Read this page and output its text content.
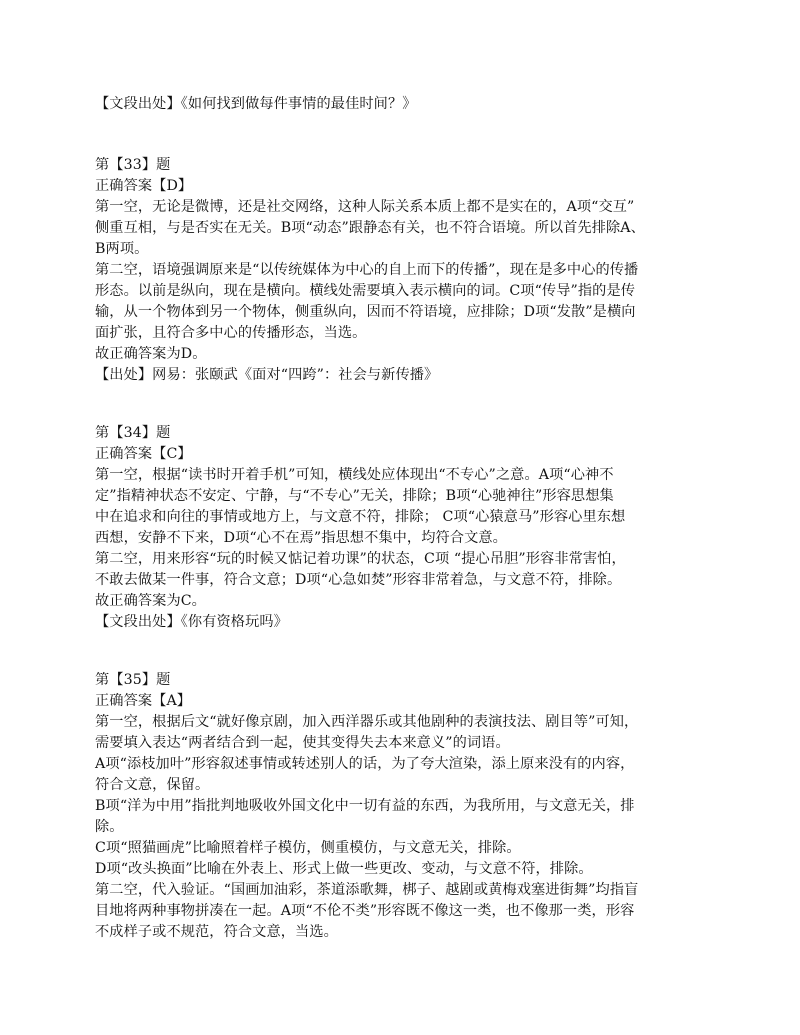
【文段出处】《如何找到做每件事情的最佳时间？》
第【33】题
正确答案【D】
第一空，无论是微博，还是社交网络，这种人际关系本质上都不是实在的，A项“交互”
侧重互相，与是否实在无关。B项“动态”跟静态有关，也不符合语境。所以首先排除A、
B两项。
第二空，语境强调原来是“以传统媒体为中心的自上而下的传播”，现在是多中心的传播
形态。以前是纵向，现在是横向。横线处需要填入表示横向的词。C项“传导”指的是传
输，从一个物体到另一个物体，侧重纵向，因而不符语境，应排除；D项“发散”是横向
面扩张，且符合多中心的传播形态，当选。
故正确答案为D。
【出处】网易：张颐武《面对“四跨”：社会与新传播》
第【34】题
正确答案【C】
第一空，根据“读书时开着手机”可知，横线处应体现出“不专心”之意。A项“心神不
定”指精神状态不安定、宁静，与“不专心”无关，排除；B项“心驰神往”形容思想集
中在追求和向往的事情或地方上，与文意不符，排除； C项“心猿意马”形容心里东想
西想，安静不下来，D项“心不在焉”指思想不集中，均符合文意。
第二空，用来形容“玩的时候又惦记着功课”的状态，C项 “提心吊胆”形容非常害怕，
不敢去做某一件事，符合文意；D项“心急如焚”形容非常着急，与文意不符，排除。
故正确答案为C。
【文段出处】《你有资格玩吗》
第【35】题
正确答案【A】
第一空，根据后文“就好像京剧，加入西洋器乐或其他剧种的表演技法、剧目等”可知，
需要填入表达“两者结合到一起，使其变得失去本来意义”的词语。
A项“添枝加叶”形容叙述事情或转述别人的话，为了夸大渲染，添上原来没有的内容，
符合文意，保留。
B项“洋为中用”指批判地吸收外国文化中一切有益的东西，为我所用，与文意无关，排
除。
C项“照猫画虎”比喻照着样子模仿，侧重模仿，与文意无关，排除。
D项“改头换面”比喻在外表上、形式上做一些更改、变动，与文意不符，排除。
第二空，代入验证。“国画加油彩，茶道添歌舞，梆子、越剧或黄梅戏塞进街舞”均指盲
目地将两种事物拼凑在一起。A项“不伦不类”形容既不像这一类，也不像那一类，形容
不成样子或不规范，符合文意，当选。
